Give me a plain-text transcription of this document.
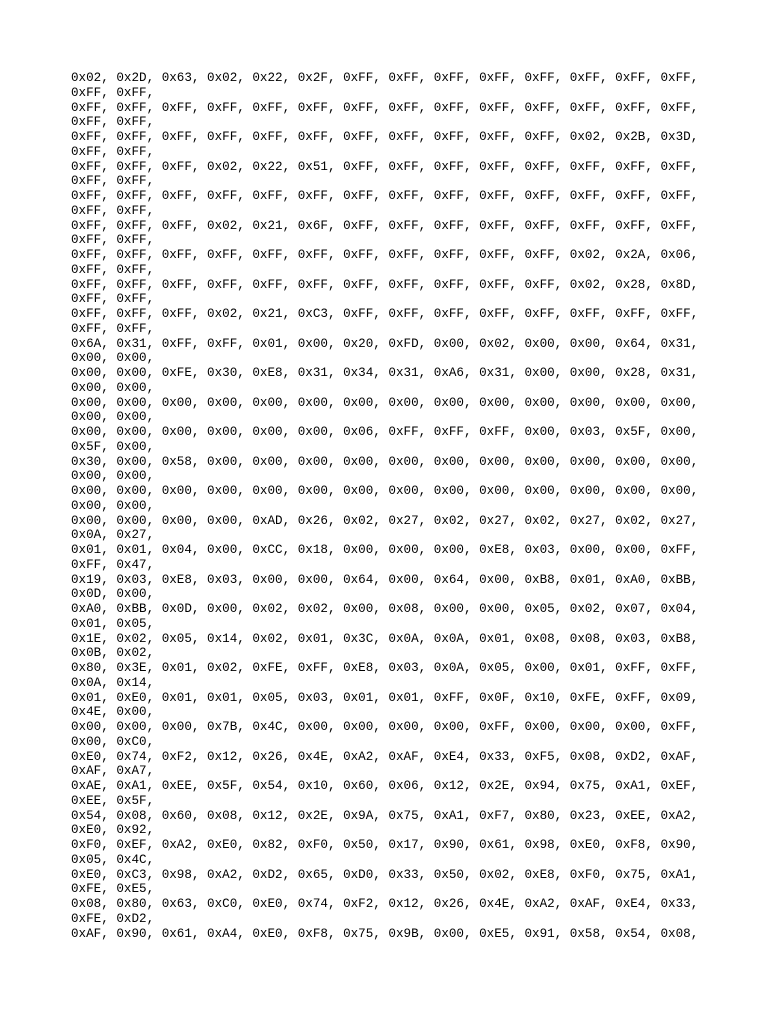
0x02, 0x2D, 0x63, 0x02, 0x22, 0x2F, 0xFF, 0xFF, 0xFF, 0xFF, 0xFF, 0xFF, 0xFF, 0xFF,

0xFF, 0xFF,

0xFF, 0xFF, 0xFF, 0xFF, 0xFF, 0xFF, 0xFF, 0xFF, 0xFF, 0xFF, 0xFF, 0xFF, 0xFF, 0xFF,

0xFF, 0xFF,

0xFF, 0xFF, 0xFF, 0xFF, 0xFF, 0xFF, 0xFF, 0xFF, 0xFF, 0xFF, 0xFF, 0x02, 0x2B, 0x3D,

0xFF, 0xFF,

0xFF, 0xFF, 0xFF, 0x02, 0x22, 0x51, 0xFF, 0xFF, 0xFF, 0xFF, 0xFF, 0xFF, 0xFF, 0xFF,

0xFF, 0xFF,

0xFF, 0xFF, 0xFF, 0xFF, 0xFF, 0xFF, 0xFF, 0xFF, 0xFF, 0xFF, 0xFF, 0xFF, 0xFF, 0xFF,

0xFF, 0xFF,

0xFF, 0xFF, 0xFF, 0x02, 0x21, 0x6F, 0xFF, 0xFF, 0xFF, 0xFF, 0xFF, 0xFF, 0xFF, 0xFF,

0xFF, 0xFF,

0xFF, 0xFF, 0xFF, 0xFF, 0xFF, 0xFF, 0xFF, 0xFF, 0xFF, 0xFF, 0xFF, 0x02, 0x2A, 0x06,

0xFF, 0xFF,

0xFF, 0xFF, 0xFF, 0xFF, 0xFF, 0xFF, 0xFF, 0xFF, 0xFF, 0xFF, 0xFF, 0x02, 0x28, 0x8D,

0xFF, 0xFF,

0xFF, 0xFF, 0xFF, 0x02, 0x21, 0xC3, 0xFF, 0xFF, 0xFF, 0xFF, 0xFF, 0xFF, 0xFF, 0xFF,

0xFF, 0xFF,

0x6A, 0x31, 0xFF, 0xFF, 0x01, 0x00, 0x20, 0xFD, 0x00, 0x02, 0x00, 0x00, 0x64, 0x31,

0x00, 0x00,

0x00, 0x00, 0xFE, 0x30, 0xE8, 0x31, 0x34, 0x31, 0xA6, 0x31, 0x00, 0x00, 0x28, 0x31,

0x00, 0x00,

0x00, 0x00, 0x00, 0x00, 0x00, 0x00, 0x00, 0x00, 0x00, 0x00, 0x00, 0x00, 0x00, 0x00,

0x00, 0x00,

0x00, 0x00, 0x00, 0x00, 0x00, 0x00, 0x06, 0xFF, 0xFF, 0xFF, 0x00, 0x03, 0x5F, 0x00,

0x5F, 0x00,

0x30, 0x00, 0x58, 0x00, 0x00, 0x00, 0x00, 0x00, 0x00, 0x00, 0x00, 0x00, 0x00, 0x00,

0x00, 0x00,

0x00, 0x00, 0x00, 0x00, 0x00, 0x00, 0x00, 0x00, 0x00, 0x00, 0x00, 0x00, 0x00, 0x00,

0x00, 0x00,

0x00, 0x00, 0x00, 0x00, 0xAD, 0x26, 0x02, 0x27, 0x02, 0x27, 0x02, 0x27, 0x02, 0x27,

0x0A, 0x27,

0x01, 0x01, 0x04, 0x00, 0xCC, 0x18, 0x00, 0x00, 0x00, 0xE8, 0x03, 0x00, 0x00, 0xFF,

0xFF, 0x47,

0x19, 0x03, 0xE8, 0x03, 0x00, 0x00, 0x64, 0x00, 0x64, 0x00, 0xB8, 0x01, 0xA0, 0xBB,

0x0D, 0x00,

0xA0, 0xBB, 0x0D, 0x00, 0x02, 0x02, 0x00, 0x08, 0x00, 0x00, 0x05, 0x02, 0x07, 0x04,

0x01, 0x05,

0x1E, 0x02, 0x05, 0x14, 0x02, 0x01, 0x3C, 0x0A, 0x0A, 0x01, 0x08, 0x08, 0x03, 0xB8,

0x0B, 0x02,

0x80, 0x3E, 0x01, 0x02, 0xFE, 0xFF, 0xE8, 0x03, 0x0A, 0x05, 0x00, 0x01, 0xFF, 0xFF,

0x0A, 0x14,

0x01, 0xE0, 0x01, 0x01, 0x05, 0x03, 0x01, 0x01, 0xFF, 0x0F, 0x10, 0xFE, 0xFF, 0x09,

0x4E, 0x00,

0x00, 0x00, 0x00, 0x7B, 0x4C, 0x00, 0x00, 0x00, 0x00, 0xFF, 0x00, 0x00, 0x00, 0xFF,

0x00, 0xC0,

0xE0, 0x74, 0xF2, 0x12, 0x26, 0x4E, 0xA2, 0xAF, 0xE4, 0x33, 0xF5, 0x08, 0xD2, 0xAF,

0xAF, 0xA7,

0xAE, 0xA1, 0xEE, 0x5F, 0x54, 0x10, 0x60, 0x06, 0x12, 0x2E, 0x94, 0x75, 0xA1, 0xEF,

0xEE, 0x5F,

0x54, 0x08, 0x60, 0x08, 0x12, 0x2E, 0x9A, 0x75, 0xA1, 0xF7, 0x80, 0x23, 0xEE, 0xA2,

0xE0, 0x92,

0xF0, 0xEF, 0xA2, 0xE0, 0x82, 0xF0, 0x50, 0x17, 0x90, 0x61, 0x98, 0xE0, 0xF8, 0x90,

0x05, 0x4C,

0xE0, 0xC3, 0x98, 0xA2, 0xD2, 0x65, 0xD0, 0x33, 0x50, 0x02, 0xE8, 0xF0, 0x75, 0xA1,

0xFE, 0xE5,

0x08, 0x80, 0x63, 0xC0, 0xE0, 0x74, 0xF2, 0x12, 0x26, 0x4E, 0xA2, 0xAF, 0xE4, 0x33,

0xFE, 0xD2,

0xAF, 0x90, 0x61, 0xA4, 0xE0, 0xF8, 0x75, 0x9B, 0x00, 0xE5, 0x91, 0x58, 0x54, 0x08,
